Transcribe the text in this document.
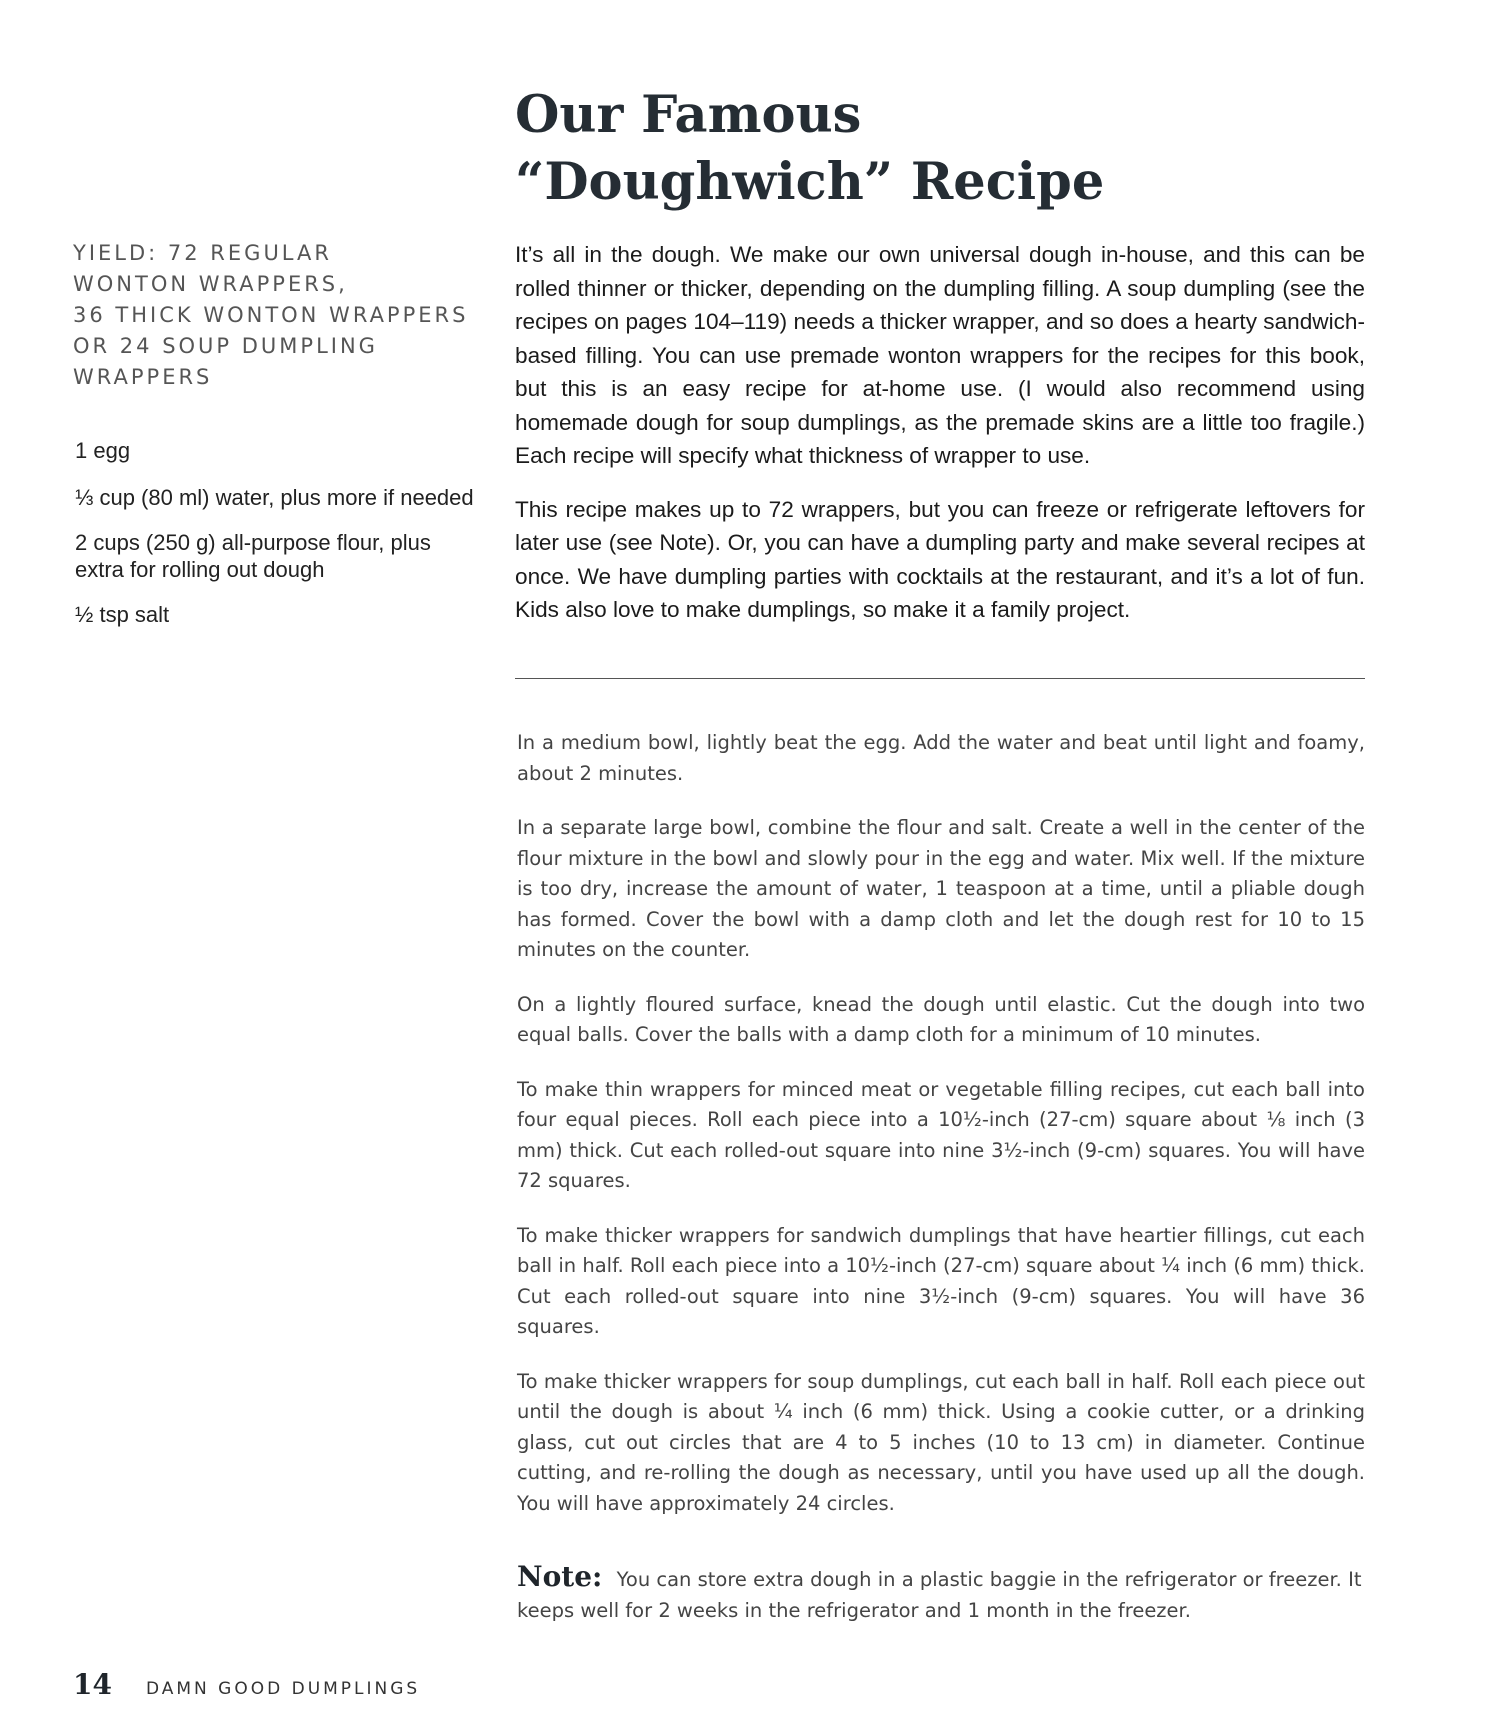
Our Famous
“Doughwich” Recipe
YIELD: 72 REGULAR
WONTON WRAPPERS,
36 THICK WONTON WRAPPERS
OR 24 SOUP DUMPLING
WRAPPERS
1 egg
⅓ cup (80 ml) water, plus more if needed
2 cups (250 g) all-purpose flour, plus extra for rolling out dough
½ tsp salt

It’s all in the dough. We make our own universal dough in-house, and this can be rolled thinner or thicker, depending on the dumpling filling. A soup dumpling (see the recipes on pages 104–119) needs a thicker wrapper, and so does a hearty sandwich-based filling. You can use premade wonton wrappers for the recipes for this book, but this is an easy recipe for at-home use. (I would also recommend using homemade dough for soup dumplings, as the premade skins are a little too fragile.) Each recipe will specify what thickness of wrapper to use.

This recipe makes up to 72 wrappers, but you can freeze or refrigerate leftovers for later use (see Note). Or, you can have a dumpling party and make several recipes at once. We have dumpling parties with cocktails at the restaurant, and it’s a lot of fun. Kids also love to make dumplings, so make it a family project.

In a medium bowl, lightly beat the egg. Add the water and beat until light and foamy, about 2 minutes.
In a separate large bowl, combine the flour and salt. Create a well in the center of the flour mixture in the bowl and slowly pour in the egg and water. Mix well. If the mixture is too dry, increase the amount of water, 1 teaspoon at a time, until a pliable dough has formed. Cover the bowl with a damp cloth and let the dough rest for 10 to 15 minutes on the counter.
On a lightly floured surface, knead the dough until elastic. Cut the dough into two equal balls. Cover the balls with a damp cloth for a minimum of 10 minutes.
To make thin wrappers for minced meat or vegetable filling recipes, cut each ball into four equal pieces. Roll each piece into a 10½-inch (27-cm) square about ⅛ inch (3 mm) thick. Cut each rolled-out square into nine 3½-inch (9-cm) squares. You will have 72 squares.
To make thicker wrappers for sandwich dumplings that have heartier fillings, cut each ball in half. Roll each piece into a 10½-inch (27-cm) square about ¼ inch (6 mm) thick. Cut each rolled-out square into nine 3½-inch (9-cm) squares. You will have 36 squares.
To make thicker wrappers for soup dumplings, cut each ball in half. Roll each piece out until the dough is about ¼ inch (6 mm) thick. Using a cookie cutter, or a drinking glass, cut out circles that are 4 to 5 inches (10 to 13 cm) in diameter. Continue cutting, and re-rolling the dough as necessary, until you have used up all the dough. You will have approximately 24 circles.
Note: You can store extra dough in a plastic baggie in the refrigerator or freezer. It keeps well for 2 weeks in the refrigerator and 1 month in the freezer.
14 DAMN GOOD DUMPLINGS
